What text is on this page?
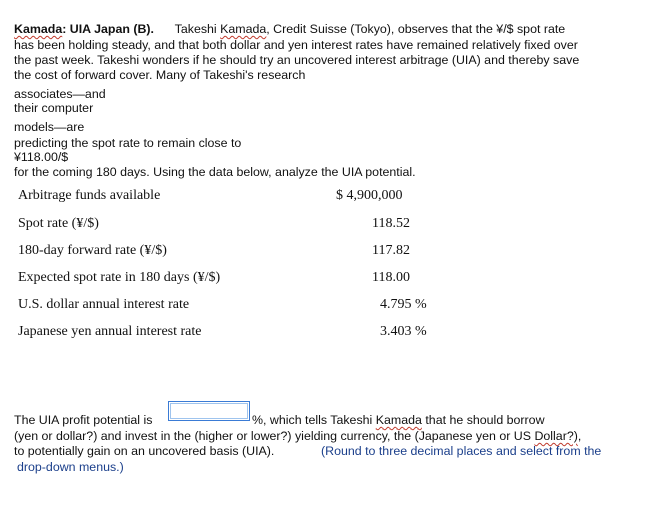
Kamada: UIA Japan (B). Takeshi Kamada, Credit Suisse (Tokyo), observes that the ¥/$ spot rate
has been holding steady, and that both dollar and yen interest rates have remained relatively fixed over
the past week. Takeshi wonders if he should try an uncovered interest arbitrage (UIA) and thereby save
the cost of forward cover. Many of Takeshi's research
associates—and
their computer
models—are
predicting the spot rate to remain close to
¥118.00/$
for the coming 180 days. Using the data below, analyze the UIA potential.
Arbitrage funds available	$ 4,900,000
Spot rate (¥/$)	118.52
180-day forward rate (¥/$)	117.82
Expected spot rate in 180 days (¥/$)	118.00
U.S. dollar annual interest rate	4.795 %
Japanese yen annual interest rate	3.403 %
The UIA profit potential is	%, which tells Takeshi Kamada that he should borrow
(yen or dollar?) and invest in the (higher or lower?) yielding currency, the (Japanese yen or US Dollar?),
to potentially gain on an uncovered basis (UIA).	(Round to three decimal places and select from the
drop-down menus.)
